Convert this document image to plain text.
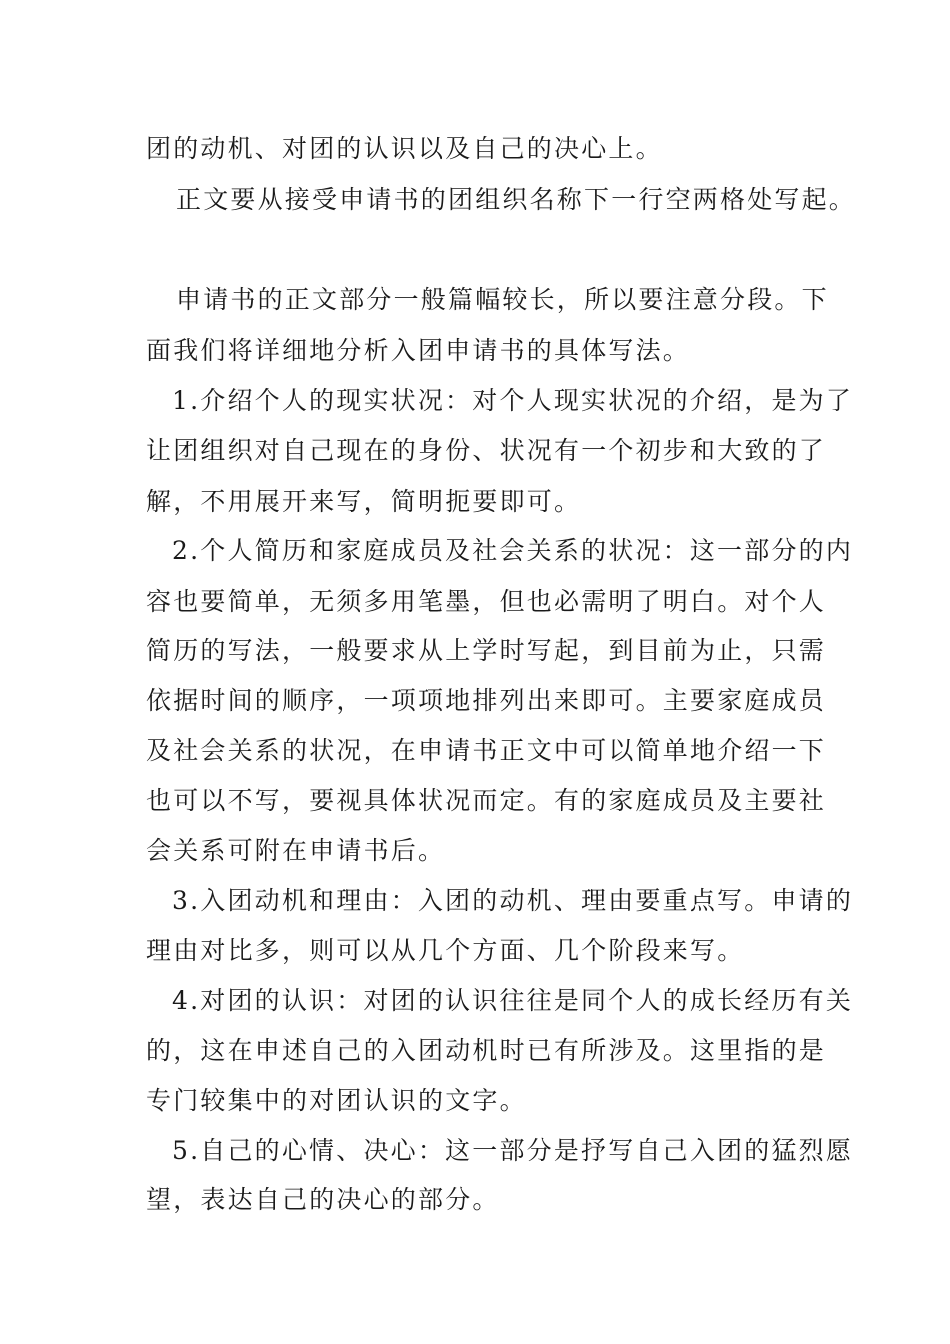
团的动机、对团的认识以及自己的决心上。
正文要从接受申请书的团组织名称下一行空两格处写起。
申请书的正文部分一般篇幅较长，所以要注意分段。下
面我们将详细地分析入团申请书的具体写法。
1.介绍个人的现实状况：对个人现实状况的介绍，是为了
让团组织对自己现在的身份、状况有一个初步和大致的了
解，不用展开来写，简明扼要即可。
2.个人简历和家庭成员及社会关系的状况：这一部分的内
容也要简单，无须多用笔墨，但也必需明了明白。对个人
简历的写法，一般要求从上学时写起，到目前为止，只需
依据时间的顺序，一项项地排列出来即可。主要家庭成员
及社会关系的状况，在申请书正文中可以简单地介绍一下
也可以不写，要视具体状况而定。有的家庭成员及主要社
会关系可附在申请书后。
3.入团动机和理由：入团的动机、理由要重点写。申请的
理由对比多，则可以从几个方面、几个阶段来写。
4.对团的认识：对团的认识往往是同个人的成长经历有关
的，这在申述自己的入团动机时已有所涉及。这里指的是
专门较集中的对团认识的文字。
5.自己的心情、决心：这一部分是抒写自己入团的猛烈愿
望，表达自己的决心的部分。
